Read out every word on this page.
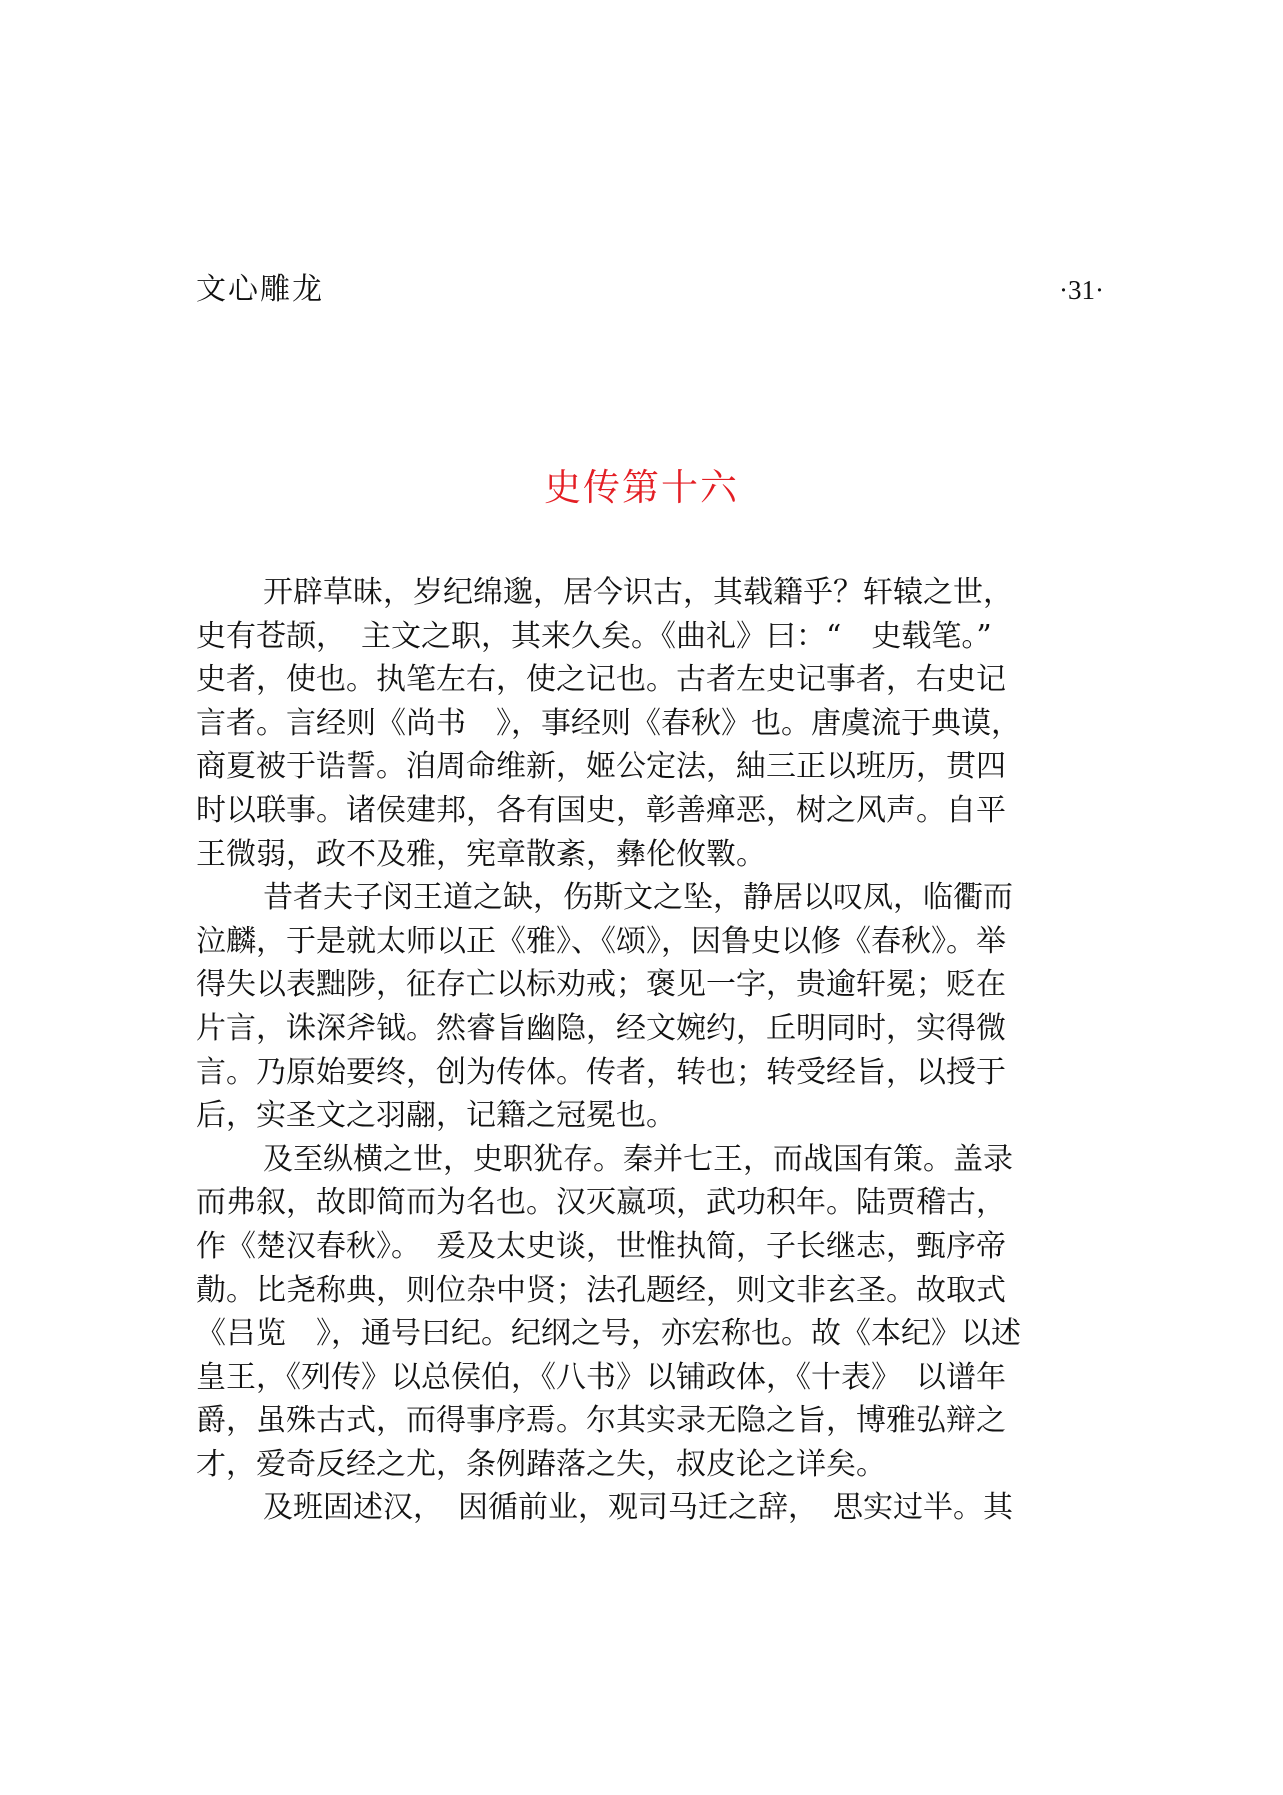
文心雕龙	·31·
史传第十六
开辟草昧，岁纪绵邈，居今识古，其载籍乎？轩辕之世，
史有苍颉，　主文之职，其来久矣。《曲礼》曰：“　史载笔。”
史者，使也。执笔左右，使之记也。古者左史记事者，右史记
言者。言经则《尚书　》，事经则《春秋》也。唐虞流于典谟，
商夏被于诰誓。洎周命维新，姬公定法，紬三正以班历，贯四
时以联事。诸侯建邦，各有国史，彰善瘅恶，树之风声。自平
王微弱，政不及雅，宪章散紊，彝伦攸斁。
昔者夫子闵王道之缺，伤斯文之坠，静居以叹凤，临衢而
泣麟，于是就太师以正《雅》、《颂》，因鲁史以修《春秋》。举
得失以表黜陟，征存亡以标劝戒；褒见一字，贵逾轩冕；贬在
片言，诛深斧钺。然睿旨幽隐，经文婉约，丘明同时，实得微
言。乃原始要终，创为传体。传者，转也；转受经旨，以授于
后，实圣文之羽翮，记籍之冠冕也。
及至纵横之世，史职犹存。秦并七王，而战国有策。盖录
而弗叙，故即简而为名也。汉灭嬴项，武功积年。陆贾稽古，
作《楚汉春秋》。　爰及太史谈，世惟执简，子长继志，甄序帝
勣。比尧称典，则位杂中贤；法孔题经，则文非玄圣。故取式
《吕览　》，通号曰纪。纪纲之号，亦宏称也。故《本纪》以述
皇王，《列传》以总侯伯，《八书》以铺政体，《十表》　以谱年
爵，虽殊古式，而得事序焉。尔其实录无隐之旨，博雅弘辩之
才，爱奇反经之尤，条例踳落之失，叔皮论之详矣。
及班固述汉，　因循前业，观司马迁之辞，　思实过半。其
